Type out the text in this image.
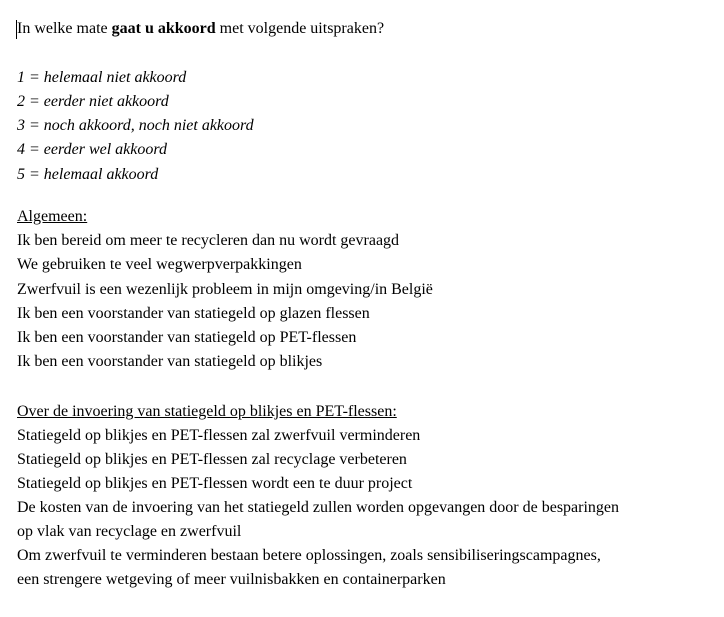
In welke mate gaat u akkoord met volgende uitspraken?
1 = helemaal niet akkoord
2 = eerder niet akkoord
3 = noch akkoord, noch niet akkoord
4 = eerder wel akkoord
5 = helemaal akkoord
Algemeen:
Ik ben bereid om meer te recycleren dan nu wordt gevraagd
We gebruiken te veel wegwerpverpakkingen
Zwerfvuil is een wezenlijk probleem in mijn omgeving/in België
Ik ben een voorstander van statiegeld op glazen flessen
Ik ben een voorstander van statiegeld op PET-flessen
Ik ben een voorstander van statiegeld op blikjes
Over de invoering van statiegeld op blikjes en PET-flessen:
Statiegeld op blikjes en PET-flessen zal zwerfvuil verminderen
Statiegeld op blikjes en PET-flessen zal recyclage verbeteren
Statiegeld op blikjes en PET-flessen wordt een te duur project
De kosten van de invoering van het statiegeld zullen worden opgevangen door de besparingen
op vlak van recyclage en zwerfvuil
Om zwerfvuil te verminderen bestaan betere oplossingen, zoals sensibiliseringscampagnes,
een strengere wetgeving of meer vuilnisbakken en containerparken
